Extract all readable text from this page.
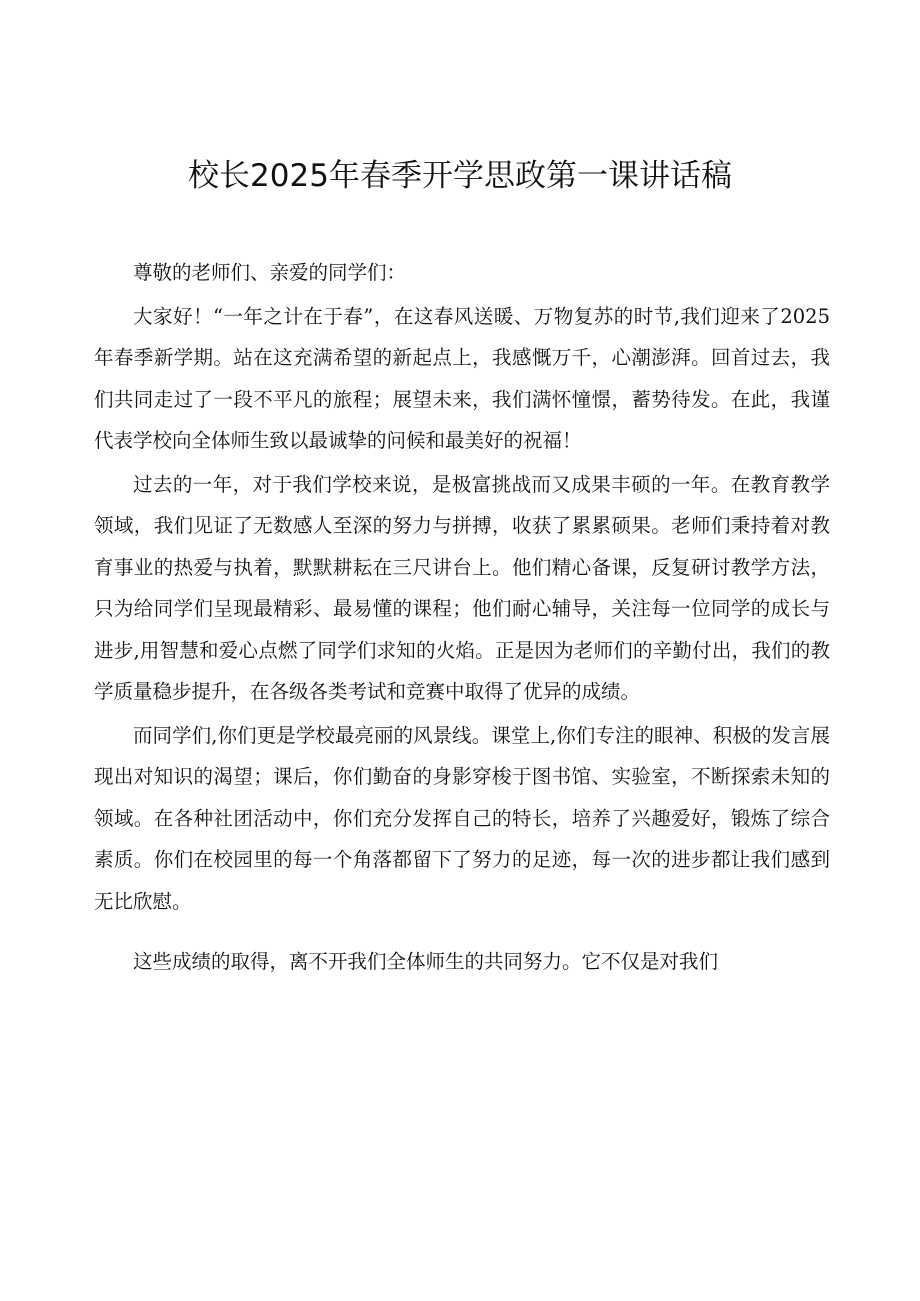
校长2025年春季开学思政第一课讲话稿

尊敬的老师们、亲爱的同学们：

大家好！“一年之计在于春”，在这春风送暖、万物复苏的时节,我们迎来了2025年春季新学期。站在这充满希望的新起点上，我感慨万千，心潮澎湃。回首过去，我们共同走过了一段不平凡的旅程；展望未来，我们满怀憧憬，蓄势待发。在此，我谨代表学校向全体师生致以最诚挚的问候和最美好的祝福！

过去的一年，对于我们学校来说，是极富挑战而又成果丰硕的一年。在教育教学领域，我们见证了无数感人至深的努力与拼搏，收获了累累硕果。老师们秉持着对教育事业的热爱与执着，默默耕耘在三尺讲台上。他们精心备课，反复研讨教学方法，只为给同学们呈现最精彩、最易懂的课程；他们耐心辅导，关注每一位同学的成长与进步,用智慧和爱心点燃了同学们求知的火焰。正是因为老师们的辛勤付出，我们的教学质量稳步提升，在各级各类考试和竞赛中取得了优异的成绩。

而同学们,你们更是学校最亮丽的风景线。课堂上,你们专注的眼神、积极的发言展现出对知识的渴望；课后，你们勤奋的身影穿梭于图书馆、实验室，不断探索未知的领域。在各种社团活动中，你们充分发挥自己的特长，培养了兴趣爱好，锻炼了综合素质。你们在校园里的每一个角落都留下了努力的足迹，每一次的进步都让我们感到无比欣慰。

这些成绩的取得，离不开我们全体师生的共同努力。它不仅是对我们
